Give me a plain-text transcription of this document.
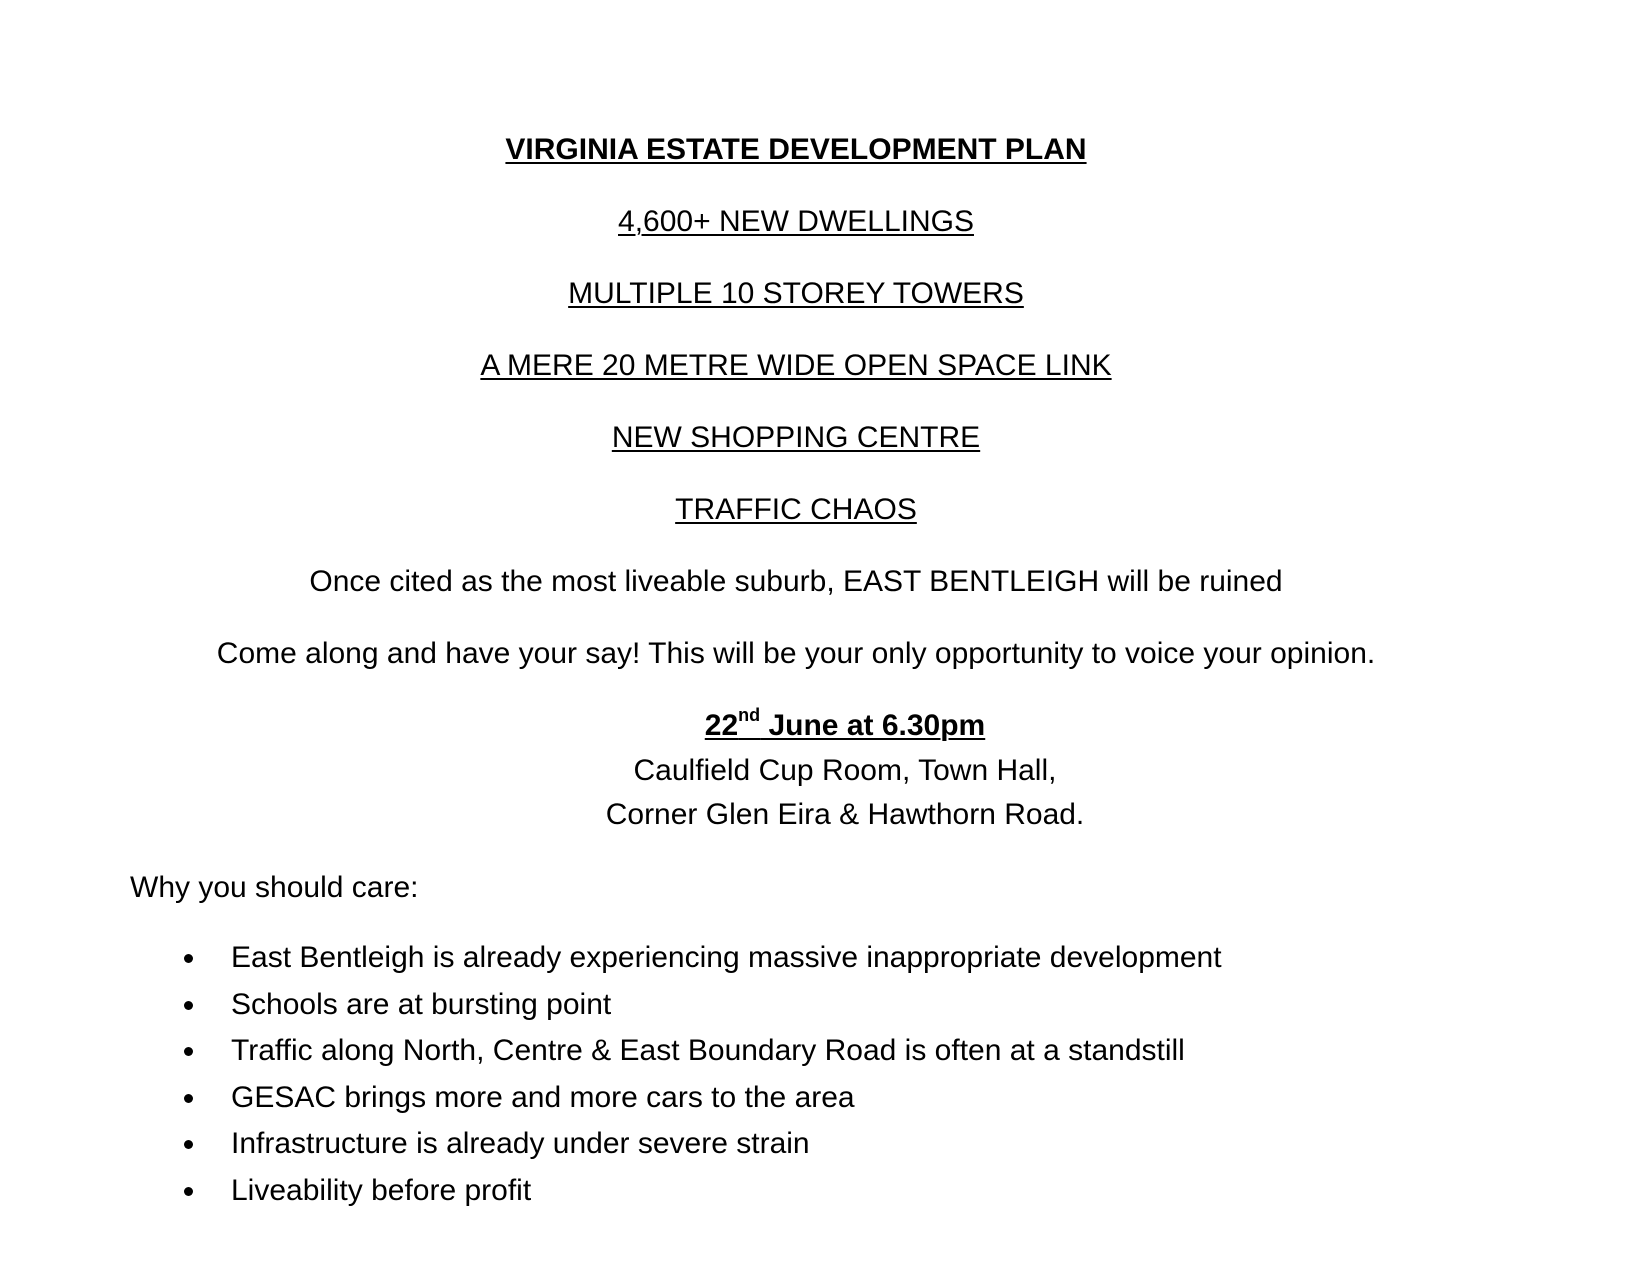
VIRGINIA ESTATE DEVELOPMENT PLAN
4,600+ NEW DWELLINGS
MULTIPLE 10 STOREY TOWERS
A MERE 20 METRE WIDE OPEN SPACE LINK
NEW SHOPPING CENTRE
TRAFFIC CHAOS
Once cited as the most liveable suburb, EAST BENTLEIGH will be ruined
Come along and have your say! This will be your only opportunity to voice your opinion.
22nd June at 6.30pm
Caulfield Cup Room, Town Hall,
Corner Glen Eira & Hawthorn Road.
Why you should care:
East Bentleigh is already experiencing massive inappropriate development
Schools are at bursting point
Traffic along North, Centre & East Boundary Road is often at a standstill
GESAC brings more and more cars to the area
Infrastructure is already under severe strain
Liveability before profit
